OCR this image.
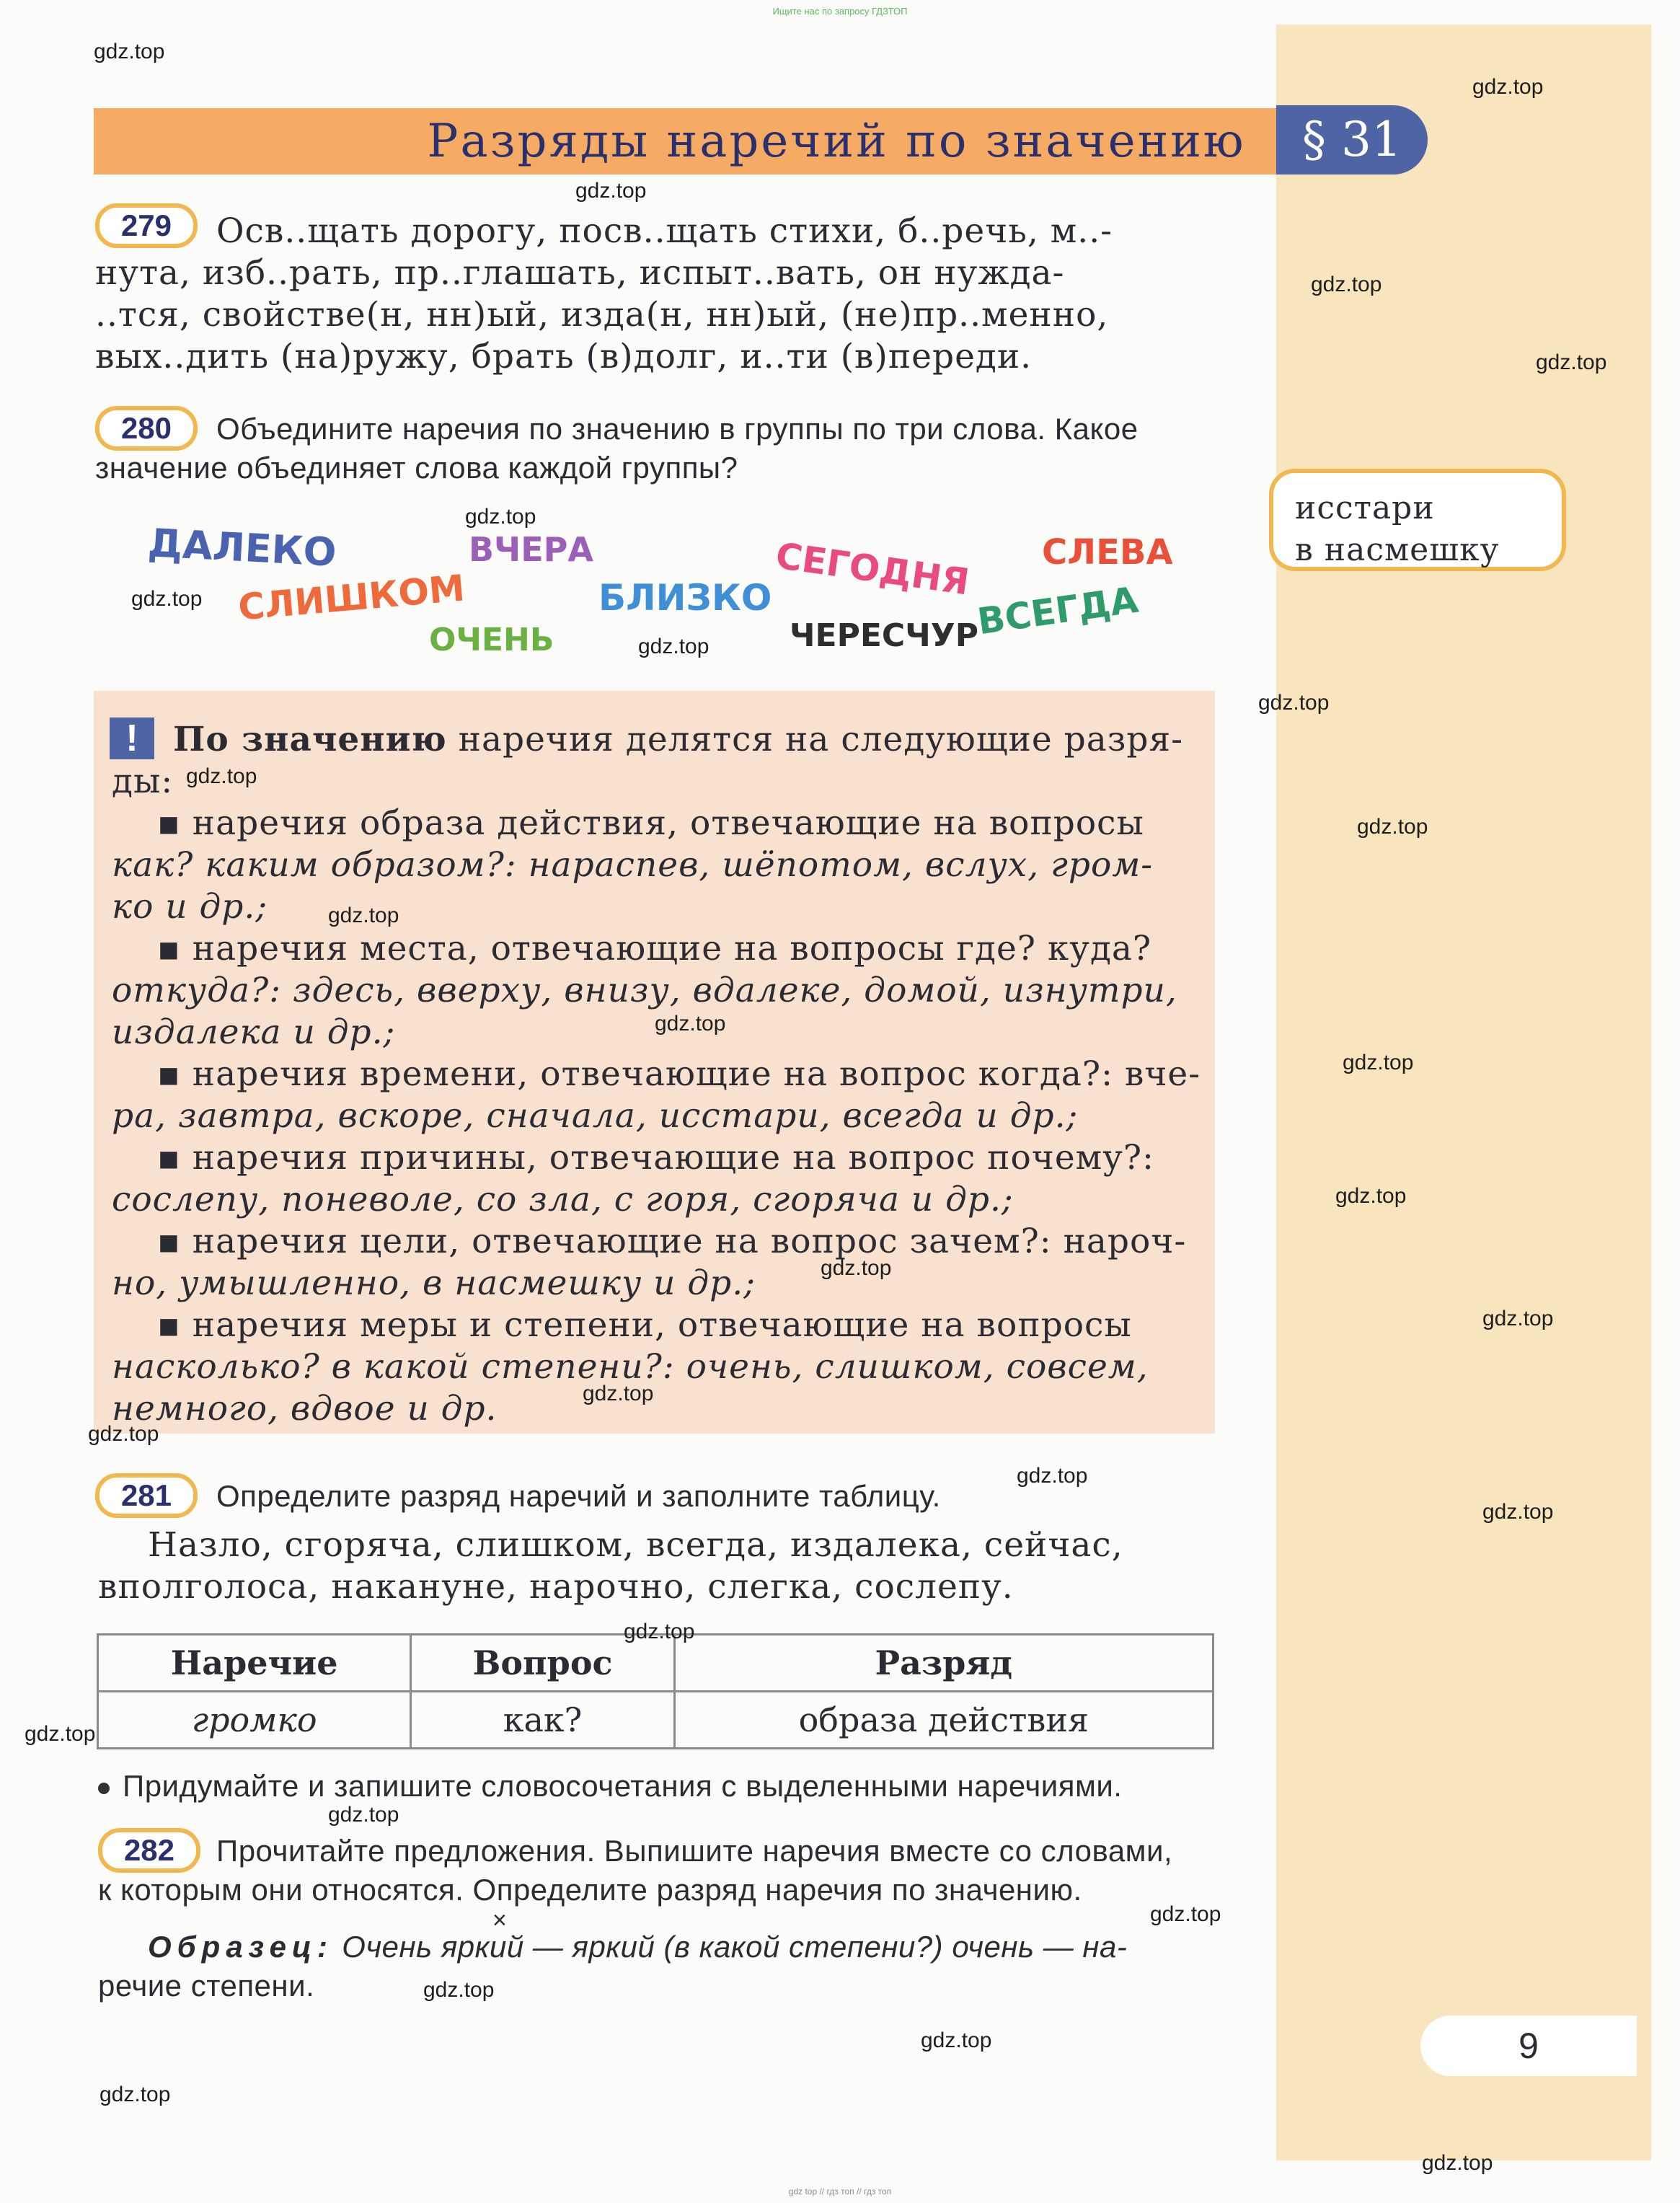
Ищите нас по запросу ГДЗТОП
Разряды наречий по значению	§ 31
279	Осв..щать дорогу, посв..щать стихи, б..речь, м..-
нута, изб..рать, пр..глашать, испыт..вать, он нужда-
..тся, свойстве(н, нн)ый, изда(н, нн)ый, (не)пр..менно,
вых..дить (на)ружу, брать (в)долг, и..ти (в)переди.
280	Объедините наречия по значению в группы по три слова. Какое
значение объединяет слова каждой группы?
ДАЛЕКО	ВЧЕРА	СЕГОДНЯ СЛЕВА
СЛИШКОМ	БЛИЗКО	ВСЕГДА
ОЧЕНЬ	ЧЕРЕСЧУР
исстари
в насмешку
!	По значению наречия делятся на следующие разря-
ды:
▪ наречия образа действия, отвечающие на вопросы
как? каким образом?: нараспев, шёпотом, вслух, гром-
ко и др.;
▪ наречия места, отвечающие на вопросы где? куда?
откуда?: здесь, вверху, внизу, вдалеке, домой, изнутри,
издалека и др.;
▪ наречия времени, отвечающие на вопрос когда?: вче-
ра, завтра, вскоре, сначала, исстари, всегда и др.;
▪ наречия причины, отвечающие на вопрос почему?:
сослепу, поневоле, со зла, с горя, сгоряча и др.;
▪ наречия цели, отвечающие на вопрос зачем?: нароч-
но, умышленно, в насмешку и др.;
▪ наречия меры и степени, отвечающие на вопросы
насколько? в какой степени?: очень, слишком, совсем,
немного, вдвое и др.
281	Определите разряд наречий и заполните таблицу.
Назло, сгоряча, слишком, всегда, издалека, сейчас,
вполголоса, накануне, нарочно, слегка, сослепу.
Наречие	Вопрос	Разряд
громко	как?	образа действия
Придумайте и запишите словосочетания с выделенными наречиями.
282	Прочитайте предложения. Выпишите наречия вместе со словами,
к которым они относятся. Определите разряд наречия по значению.
×
Образец: Очень яркий — яркий (в какой степени?) очень — на-
речие степени.
9
gdz.top
gdz.top
gdz.top
gdz.top
gdz.top
gdz.top
gdz.top
gdz.top
gdz.top
gdz.top
gdz.top
gdz.top
gdz.top
gdz.top
gdz.top
gdz.top
gdz.top
gdz.top
gdz.top
gdz.top
gdz.top
gdz.top
gdz.top
gdz.top
gdz.top
gdz.top
gdz.top
gdz.top
gdz.top
gdz top // гдз топ // гдз топ
